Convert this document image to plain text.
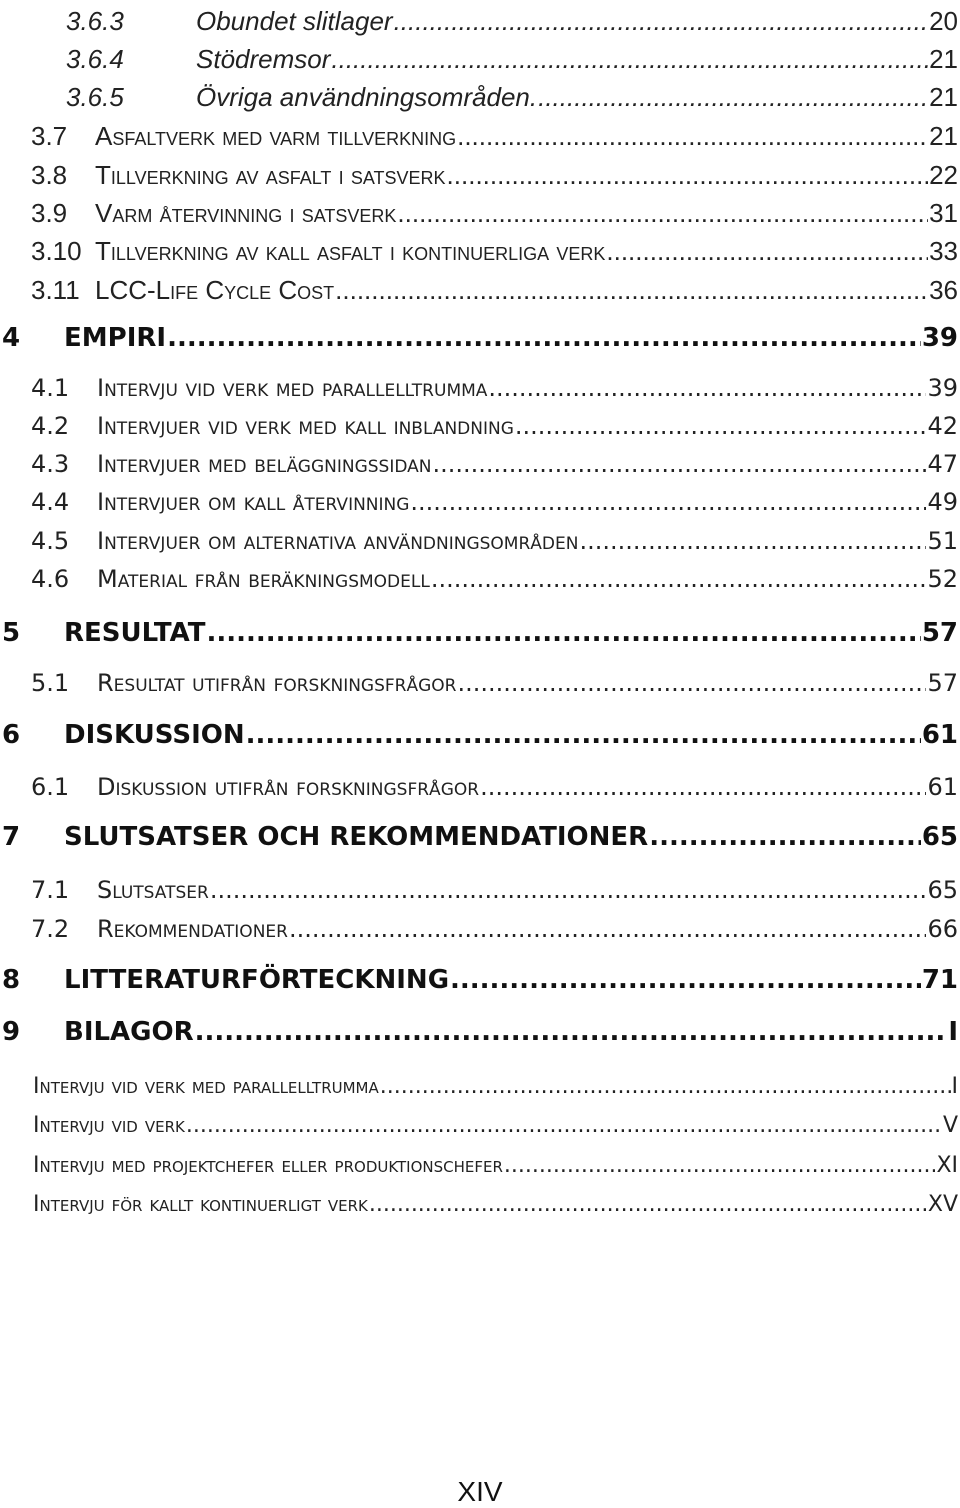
3.6.3	Obundet slitlager .....	20
3.6.4	Stödremsor .....	21
3.6.5	Övriga användningsområden. .....	21
3.7	Asfaltverk med varm tillverkning .....	21
3.8	Tillverkning av asfalt i satsverk .....	22
3.9	Varm återvinning i satsverk .....	31
3.10 Tillverkning av kall asfalt i kontinuerliga verk .....	33
3.11 LCC-Life Cycle Cost .....	36
4	EMPIRI .....	39
4.1	Intervju vid verk med parallelltrumma .....	39
4.2	Intervjuer vid verk med kall inblandning .....	42
4.3	Intervjuer med beläggningssidan .....	47
4.4	Intervjuer om kall återvinning .....	49
4.5	Intervjuer om alternativa användningsområden .....	51
4.6	Material från beräkningsmodell .....	52
5	RESULTAT .....	57
5.1	Resultat utifrån forskningsfrågor .....	57
6	DISKUSSION .....	61
6.1	Diskussion utifrån forskningsfrågor .....	61
7	SLUTSATSER OCH REKOMMENDATIONER .....	65
7.1	Slutsatser .....	65
7.2	Rekommendationer .....	66
8	LITTERATURFÖRTECKNING .....	71
9	BILAGOR .....	I
Intervju vid verk med parallelltrumma .....	I
Intervju vid verk .....	V
Intervju med projektchefer eller produktionschefer .....	XI
Intervju för kallt kontinuerligt verk .....	XV
XIV
